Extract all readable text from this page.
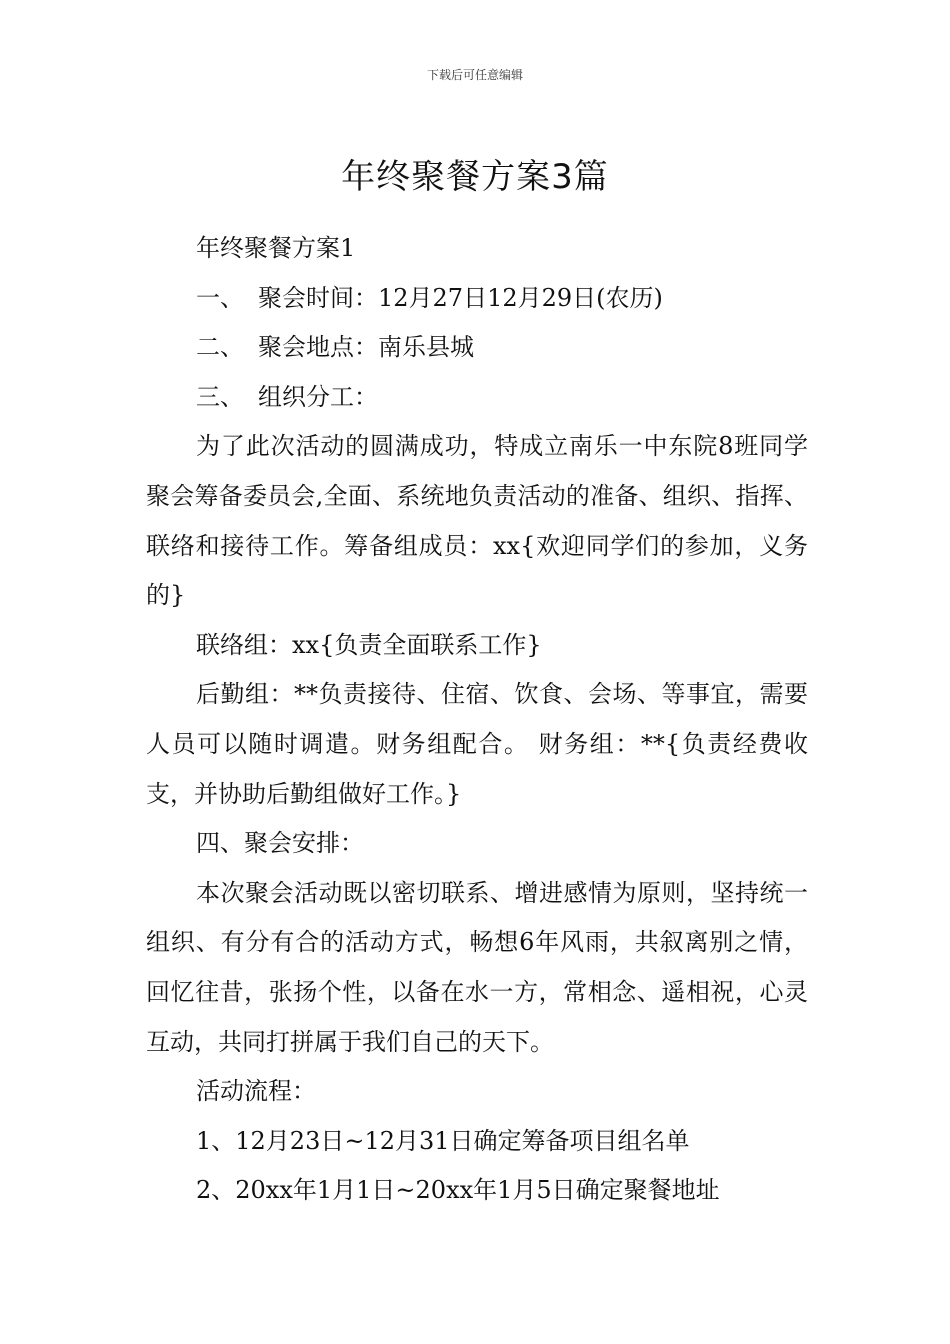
下载后可任意编辑
年终聚餐方案3篇

年终聚餐方案1

一、 聚会时间：12月27日12月29日(农历)

二、 聚会地点：南乐县城

三、 组织分工：

为了此次活动的圆满成功，特成立南乐一中东院8班同学聚会筹备委员会,全面、系统地负责活动的准备、组织、指挥、联络和接待工作。筹备组成员：xx{欢迎同学们的参加，义务的}

联络组：xx{负责全面联系工作}

后勤组：**负责接待、住宿、饮食、会场、等事宜，需要人员可以随时调遣。财务组配合。 财务组：**{负责经费收支，并协助后勤组做好工作。}

四、聚会安排：

本次聚会活动既以密切联系、增进感情为原则，坚持统一组织、有分有合的活动方式，畅想6年风雨，共叙离别之情，回忆往昔，张扬个性，以备在水一方，常相念、遥相祝，心灵互动，共同打拼属于我们自己的天下。

活动流程：

1、12月23日~12月31日确定筹备项目组名单

2、20xx年1月1日~20xx年1月5日确定聚餐地址
